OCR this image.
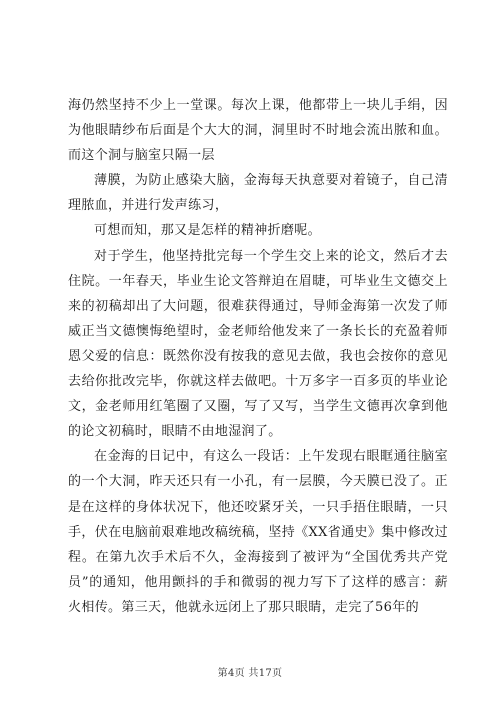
海仍然坚持不少上一堂课。每次上课，他都带上一块儿手绢，因为他眼睛纱布后面是个大大的洞，洞里时不时地会流出脓和血。而这个洞与脑室只隔一层

薄膜，为防止感染大脑，金海每天执意要对着镜子，自己清理脓血，并进行发声练习，

可想而知，那又是怎样的精神折磨呢。

对于学生，他坚持批完每一个学生交上来的论文，然后才去住院。一年春天，毕业生论文答辩迫在眉睫，可毕业生文德交上来的初稿却出了大问题，很难获得通过，导师金海第一次发了师威正当文德懊悔绝望时，金老师给他发来了一条长长的充盈着师恩父爱的信息：既然你没有按我的意见去做，我也会按你的意见去给你批改完毕，你就这样去做吧。十万多字一百多页的毕业论文，金老师用红笔圈了又圈，写了又写，当学生文德再次拿到他的论文初稿时，眼睛不由地湿润了。

在金海的日记中，有这么一段话：上午发现右眼眶通往脑室的一个大洞，昨天还只有一小孔，有一层膜，今天膜已没了。正是在这样的身体状况下，他还咬紧牙关，一只手捂住眼睛，一只手，伏在电脑前艰难地改稿统稿，坚持《XX省通史》集中修改过程。在第九次手术后不久，金海接到了被评为“全国优秀共产党员”的通知，他用颤抖的手和微弱的视力写下了这样的感言：薪火相传。第三天，他就永远闭上了那只眼睛，走完了56年的

第4页 共17页
